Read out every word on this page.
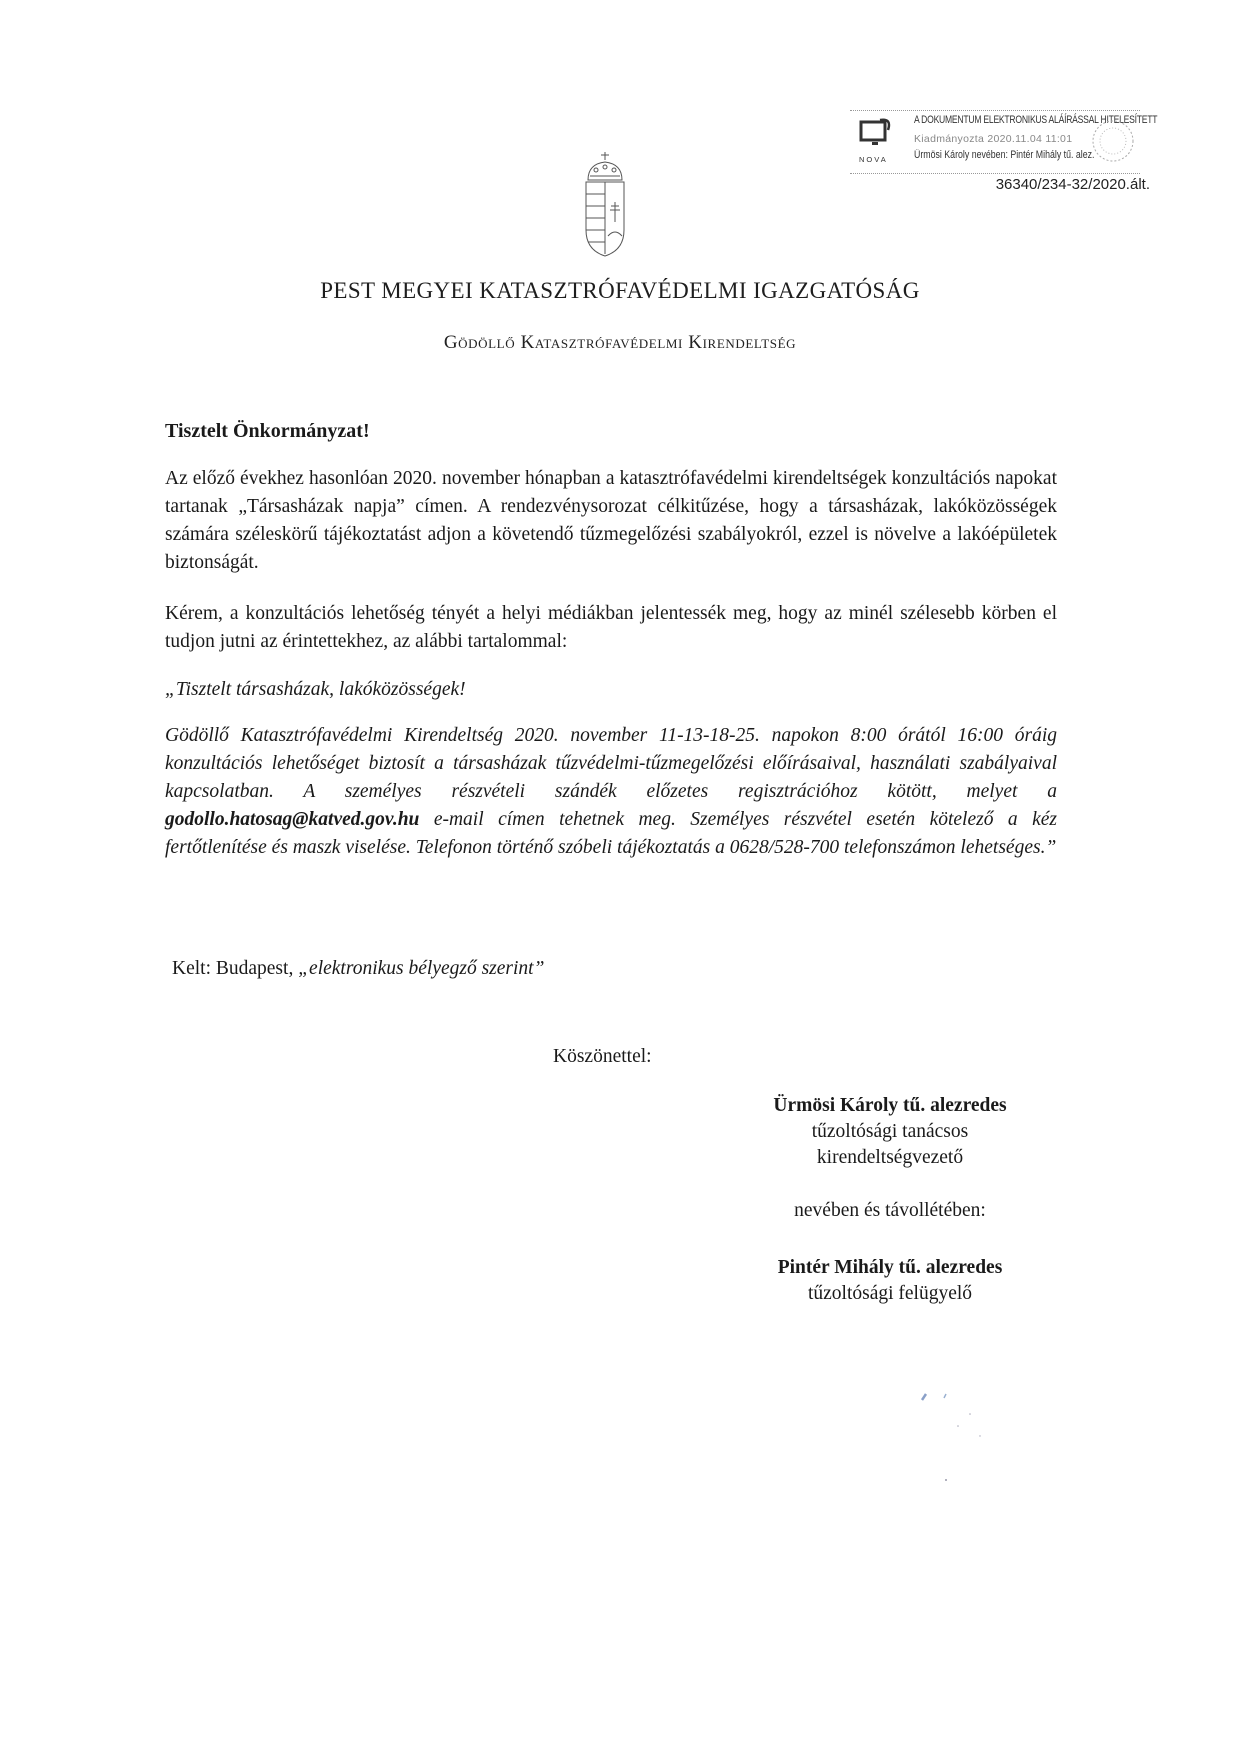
NOVA
A DOKUMENTUM ELEKTRONIKUS ALÁÍRÁSSAL HITELESÍTETT
Kiadmányozta 2020.11.04 11:01
Ürmösi Károly nevében: Pintér Mihály tű. alez.
36340/234-32/2020.ált.
PEST MEGYEI KATASZTRÓFAVÉDELMI IGAZGATÓSÁG
Gödöllő Katasztrófavédelmi Kirendeltség
Tisztelt Önkormányzat!
Az előző évekhez hasonlóan 2020. november hónapban a katasztrófavédelmi kirendeltségek konzultációs napokat tartanak „Társasházak napja” címen. A rendezvénysorozat célkitűzése, hogy a társasházak, lakóközösségek számára széleskörű tájékoztatást adjon a követendő tűzmegelőzési szabályokról, ezzel is növelve a lakóépületek biztonságát.
Kérem, a konzultációs lehetőség tényét a helyi médiákban jelentessék meg, hogy az minél szélesebb körben el tudjon jutni az érintettekhez, az alábbi tartalommal:
„Tisztelt társasházak, lakóközösségek!
Gödöllő Katasztrófavédelmi Kirendeltség 2020. november 11-13-18-25. napokon 8:00 órától 16:00 óráig konzultációs lehetőséget biztosít a társasházak tűzvédelmi-tűzmegelőzési előírásaival, használati szabályaival kapcsolatban. A személyes részvételi szándék előzetes regisztrációhoz kötött, melyet a godollo.hatosag@katved.gov.hu e-mail címen tehetnek meg. Személyes részvétel esetén kötelező a kéz fertőtlenítése és maszk viselése. Telefonon történő szóbeli tájékoztatás a 0628/528-700 telefonszámon lehetséges.”
Kelt: Budapest, „elektronikus bélyegző szerint”
Köszönettel:
Ürmösi Károly tű. alezredes
tűzoltósági tanácsos
kirendeltségvezető
nevében és távollétében:
Pintér Mihály tű. alezredes
tűzoltósági felügyelő
